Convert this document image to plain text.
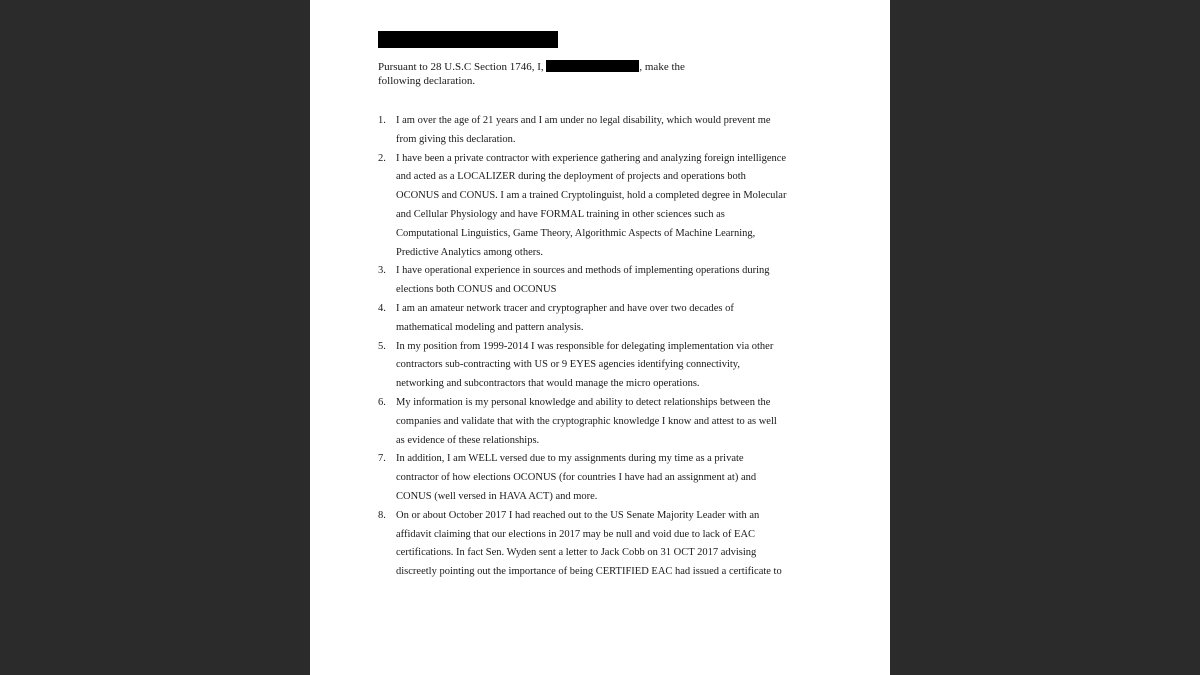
Pursuant to 28 U.S.C Section 1746, I,	, make the
following declaration.
1. I am over the age of 21 years and I am under no legal disability, which would prevent me
from giving this declaration.
2. I have been a private contractor with experience gathering and analyzing foreign intelligence
and acted as a LOCALIZER during the deployment of projects and operations both
OCONUS and CONUS. I am a trained Cryptolinguist, hold a completed degree in Molecular
and Cellular Physiology and have FORMAL training in other sciences such as
Computational Linguistics, Game Theory, Algorithmic Aspects of Machine Learning,
Predictive Analytics among others.
3. I have operational experience in sources and methods of implementing operations during
elections both CONUS and OCONUS
4. I am an amateur network tracer and cryptographer and have over two decades of
mathematical modeling and pattern analysis.
5. In my position from 1999-2014 I was responsible for delegating implementation via other
contractors sub-contracting with US or 9 EYES agencies identifying connectivity,
networking and subcontractors that would manage the micro operations.
6. My information is my personal knowledge and ability to detect relationships between the
companies and validate that with the cryptographic knowledge I know and attest to as well
as evidence of these relationships.
7. In addition, I am WELL versed due to my assignments during my time as a private
contractor of how elections OCONUS (for countries I have had an assignment at) and
CONUS (well versed in HAVA ACT) and more.
8. On or about October 2017 I had reached out to the US Senate Majority Leader with an
affidavit claiming that our elections in 2017 may be null and void due to lack of EAC
certifications. In fact Sen. Wyden sent a letter to Jack Cobb on 31 OCT 2017 advising
discreetly pointing out the importance of being CERTIFIED EAC had issued a certificate to
